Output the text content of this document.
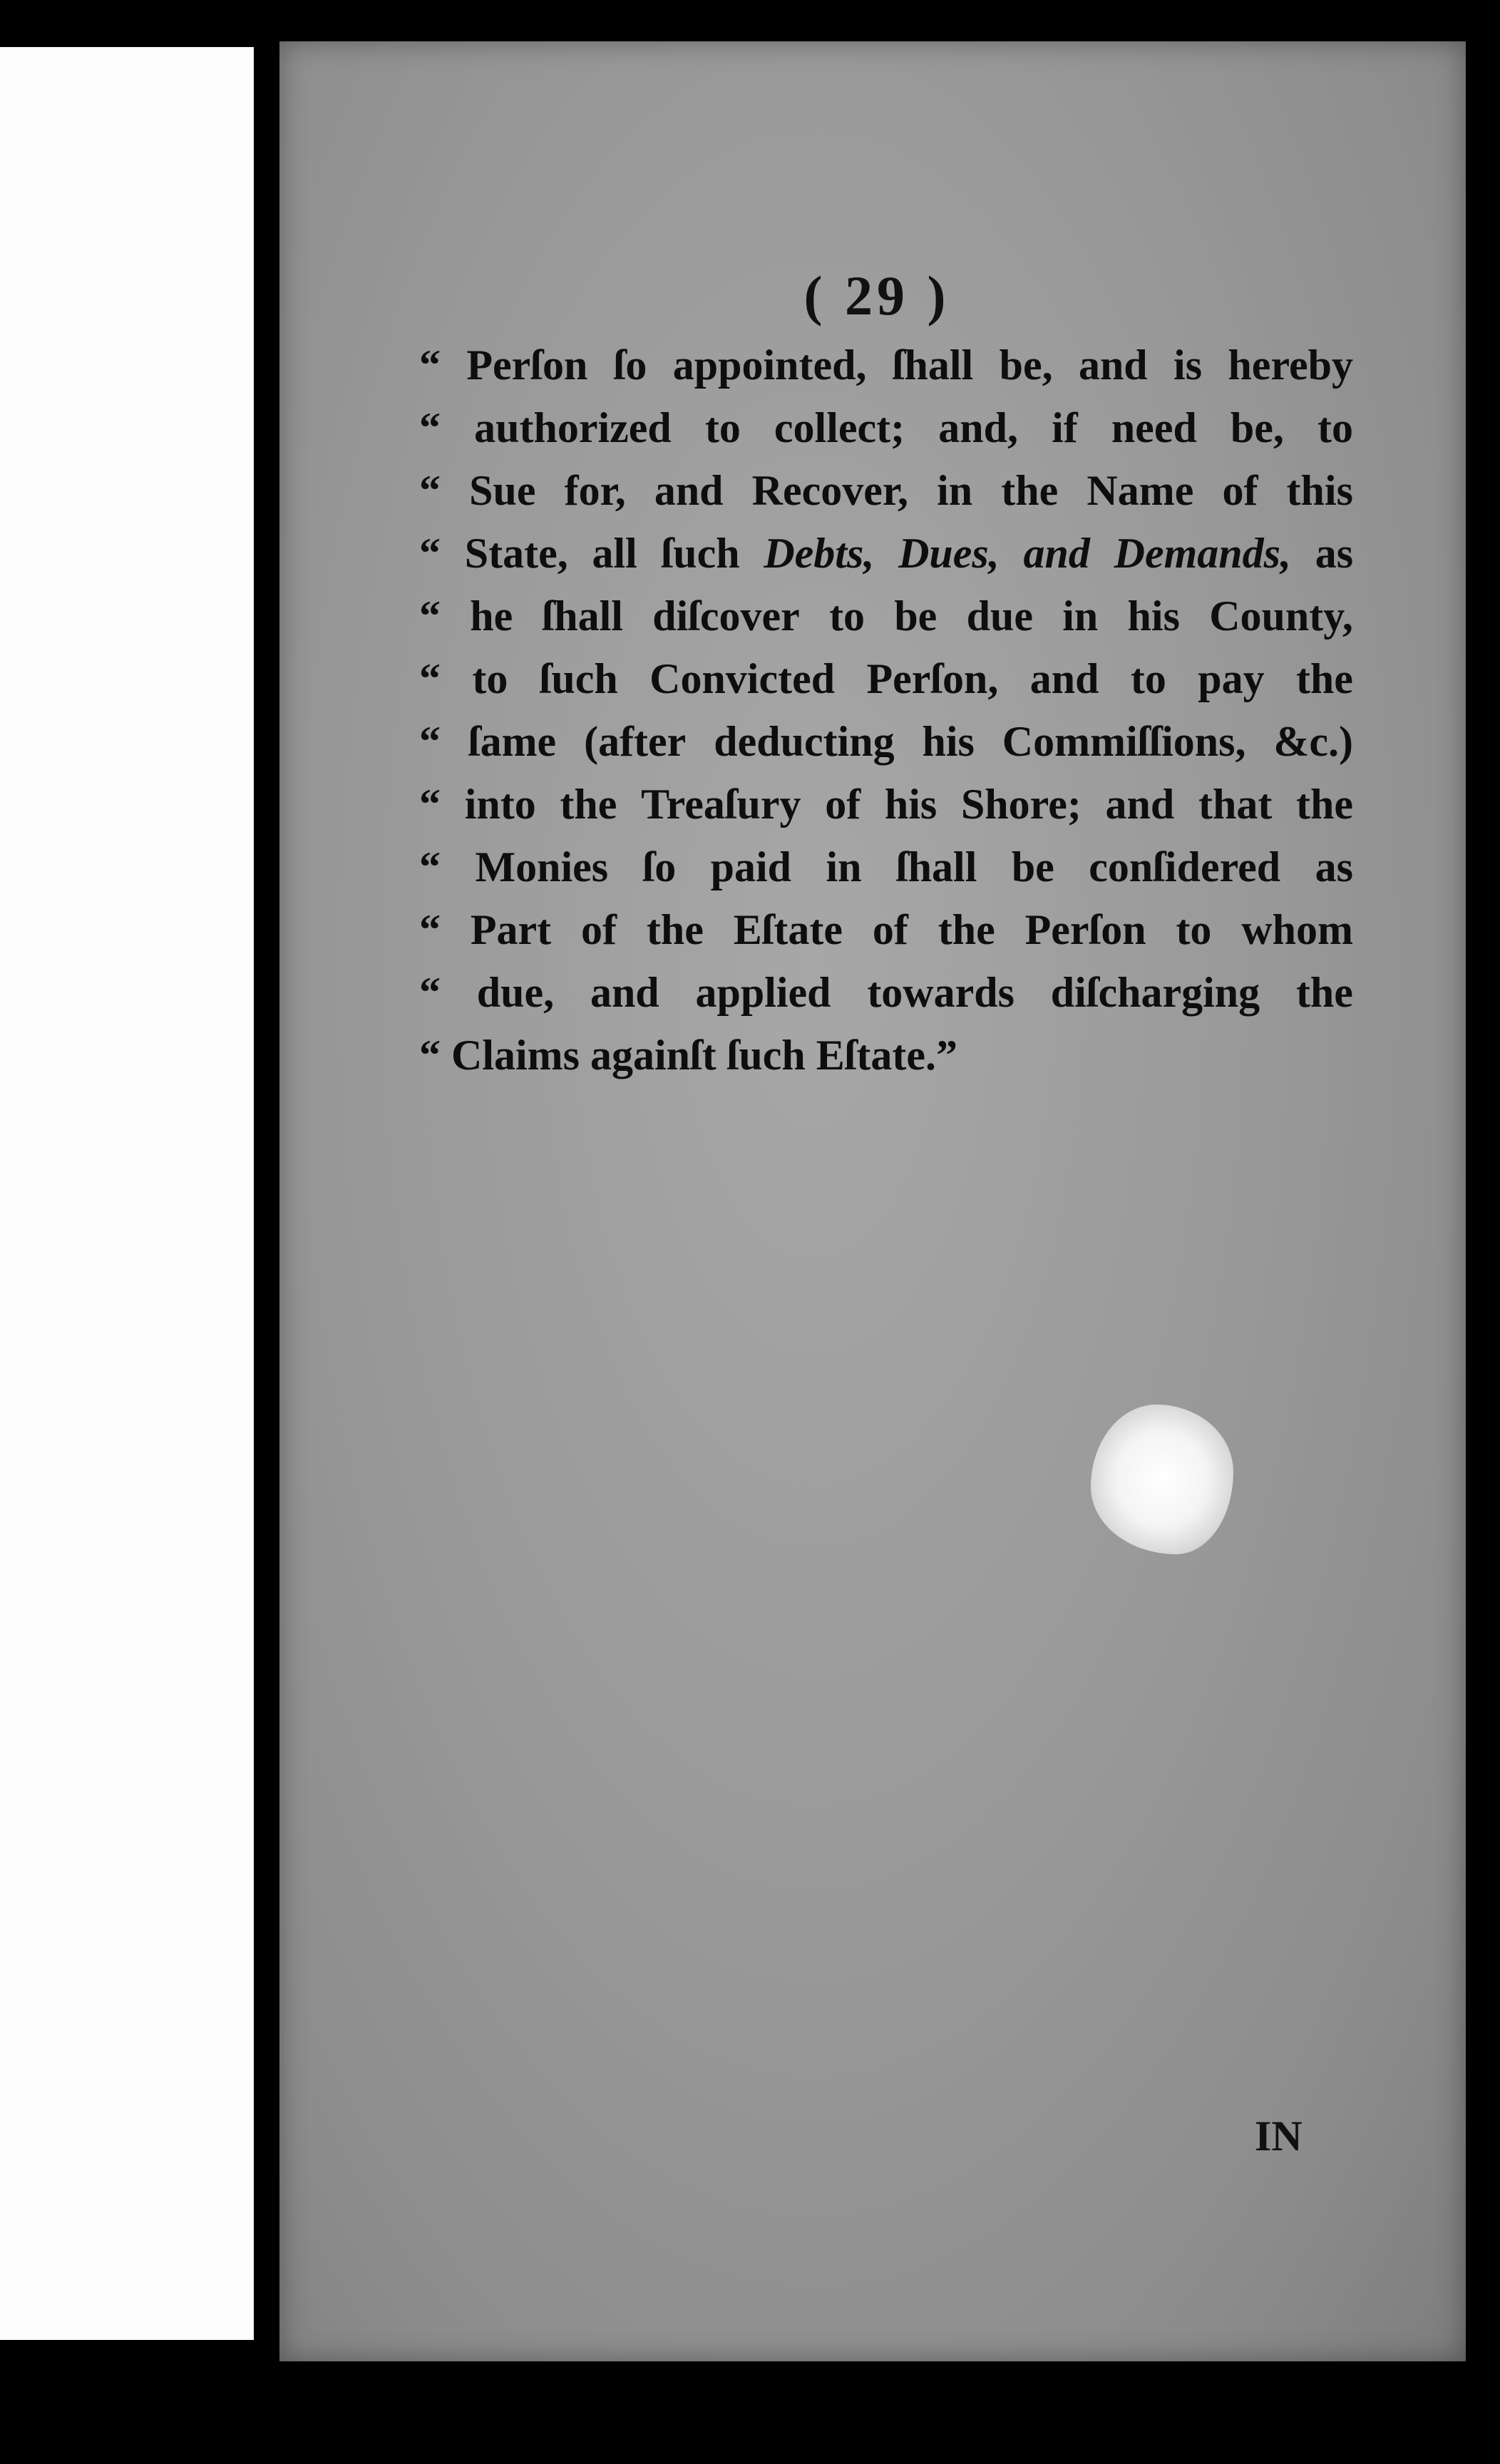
( 29 )
“ Perſon ſo appointed, ſhall be, and is hereby
“ authorized to collect; and, if need be, to
“ Sue for, and Recover, in the Name of this
“ State, all ſuch Debts, Dues, and Demands, as
“ he ſhall diſcover to be due in his County,
“ to ſuch Convicted Perſon, and to pay the
“ ſame (after deducting his Commiſſions, &c.)
“ into the Treaſury of his Shore; and that the
“ Monies ſo paid in ſhall be conſidered as
“ Part of the Eſtate of the Perſon to whom
“ due, and applied towards diſcharging the
“ Claims againſt ſuch Eſtate.”
IN
